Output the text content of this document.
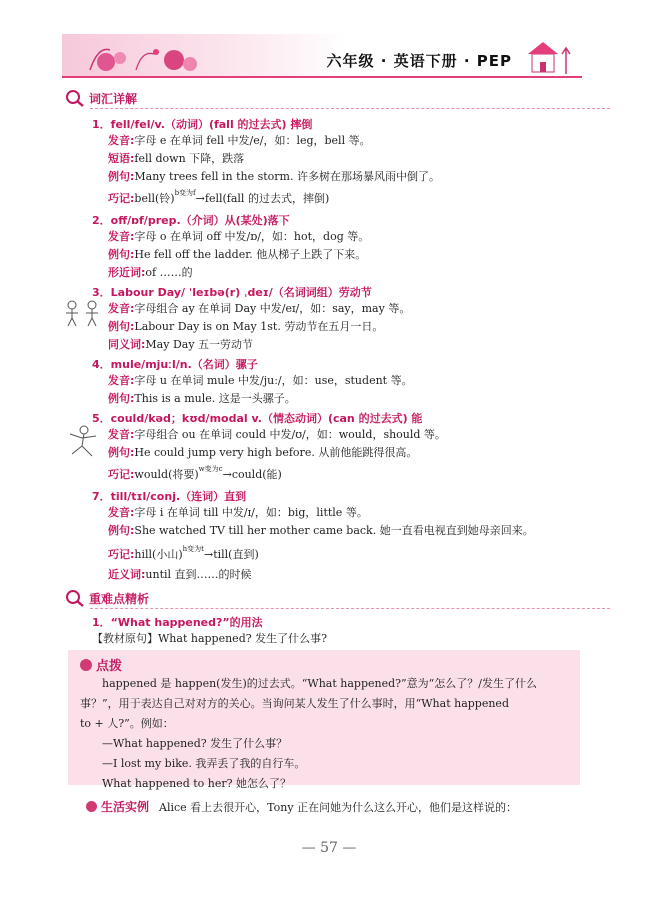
六年级 · 英语下册 · PEP
词汇详解
1．fell/fel/v.（动词）(fall 的过去式) 摔倒
发音:字母 e 在单词 fell 中发/e/，如：leg，bell 等。
短语:fell down 下降，跌落
例句:Many trees fell in the storm. 许多树在那场暴风雨中倒了。
巧记:bell(铃)$^{b变为f}$→fell(fall 的过去式，摔倒)
2．off/ɒf/prep.（介词）从(某处)落下
发音:字母 o 在单词 off 中发/ɒ/，如：hot，dog 等。
例句:He fell off the ladder. 他从梯子上跌了下来。
形近词:of ……的
3．Labour Day/ ˈleɪbə(r) ˌdeɪ/（名词词组）劳动节
发音:字母组合 ay 在单词 Day 中发/eɪ/，如：say，may 等。
例句:Labour Day is on May 1st. 劳动节在五月一日。
同义词:May Day 五一劳动节
4．mule/mjuːl/n.（名词）骡子
发音:字母 u 在单词 mule 中发/juː/，如：use，student 等。
例句:This is a mule. 这是一头骡子。
5．could/kəd；kʊd/modal v.（情态动词）(can 的过去式) 能
发音:字母组合 ou 在单词 could 中发/ʊ/，如：would，should 等。
例句:He could jump very high before. 从前他能跳得很高。
巧记:would(将要)$^{w变为c}$→could(能)
7．till/tɪl/conj.（连词）直到
发音:字母 i 在单词 till 中发/ɪ/，如：big，little 等。
例句:She watched TV till her mother came back. 她一直看电视直到她母亲回来。
巧记:hill(小山)$^{h变为t}$→till(直到)
近义词:until 直到……的时候
重难点精析
1．“What happened?”的用法
【教材原句】What happened? 发生了什么事?
点拨
happened 是 happen(发生)的过去式。“What happened?”意为“怎么了？/发生了什么
事？”，用于表达自己对对方的关心。当询问某人发生了什么事时，用“What happened
to + 人?”。例如：
—What happened? 发生了什么事？
—I lost my bike. 我弄丢了我的自行车。
What happened to her? 她怎么了？
生活实例 Alice 看上去很开心，Tony 正在问她为什么这么开心，他们是这样说的：
— 57 —
